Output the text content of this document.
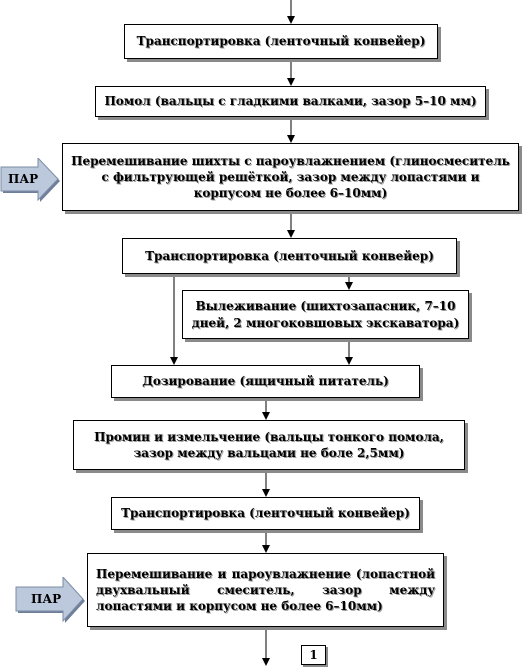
Транспортировка (ленточный конвейер)
Помол (вальцы с гладкими валками, зазор 5–10 мм)
Перемешивание шихты с пароувлажнением (глиносмеситель с фильтрующей решёткой, зазор между лопастями и корпусом не более 6–10мм)
Транспортировка (ленточный конвейер)
Вылеживание (шихтозапасник, 7–10 дней, 2 многоковшовых экскаватора)
Дозирование (ящичный питатель)
Промин и измельчение (вальцы тонкого помола, зазор между вальцами не боле 2,5мм)
Транспортировка (ленточный конвейер)
Перемешивание и пароувлажнение (лопастной двухвальный смеситель, зазор между лопастями и корпусом не более 6–10мм)
ПАР
ПАР
1
